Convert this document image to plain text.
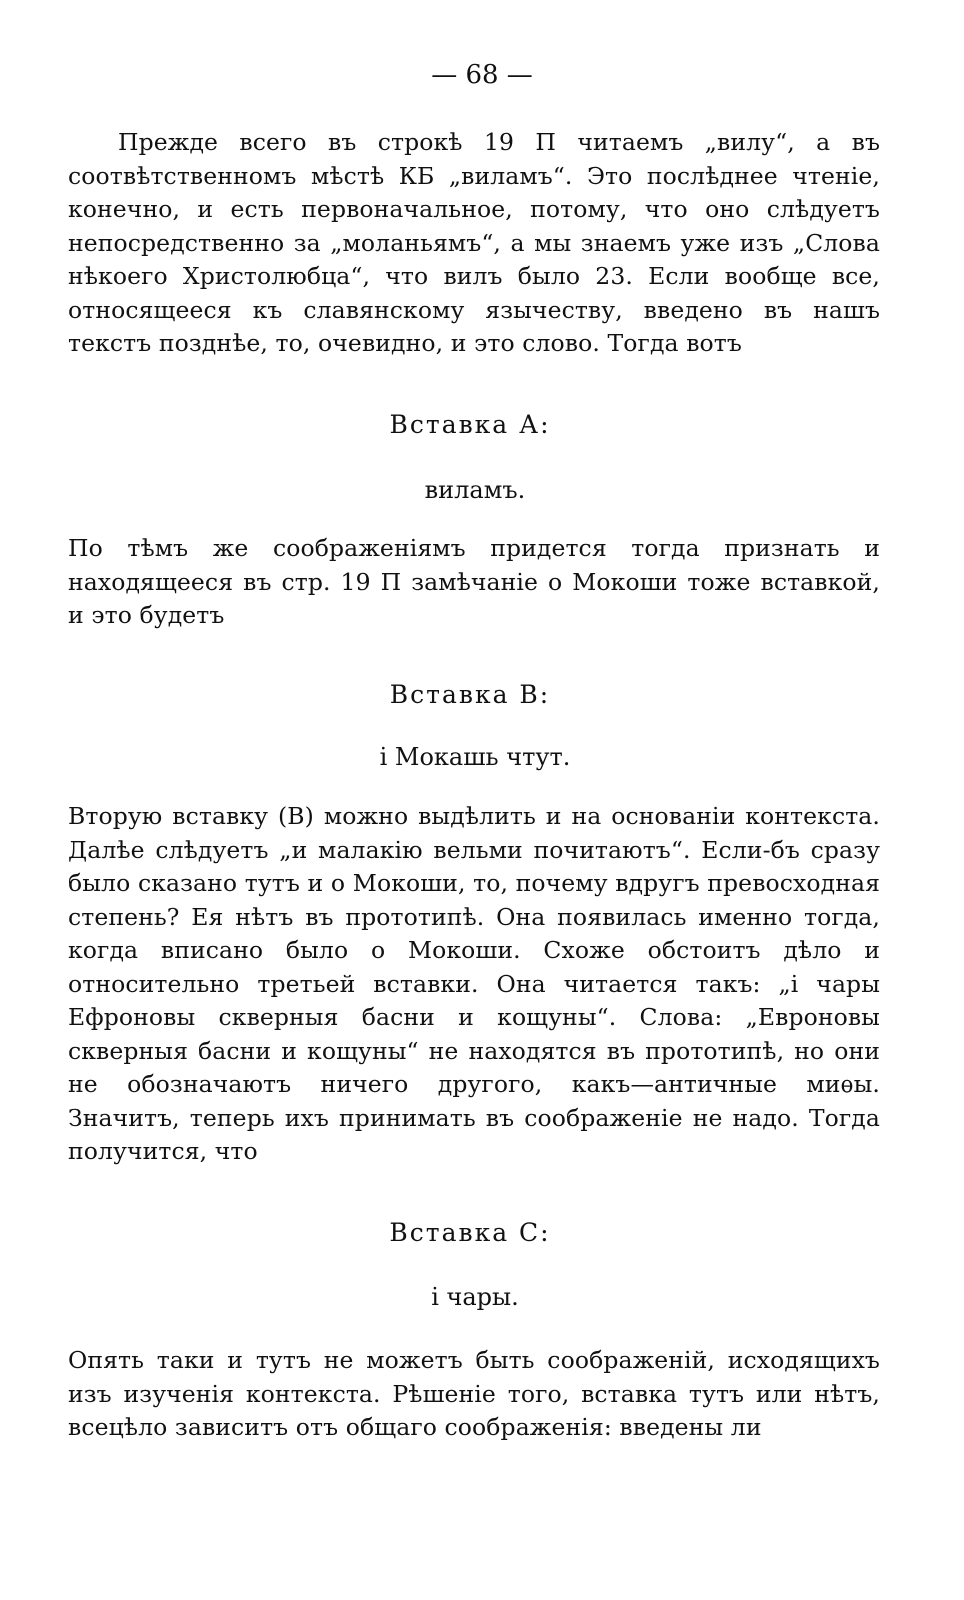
— 68 —

Прежде всего въ строкѣ 19 П читаемъ „вилу“, а въ соотвѣтственномъ мѣстѣ КБ „виламъ“. Это послѣднее чтеніе, конечно, и есть первоначальное, потому, что оно слѣдуетъ непосредственно за „моланьямъ“, а мы знаемъ уже изъ „Слова нѣкоего Христолюбца“, что вилъ было 23. Если вообще все, относящееся къ славянскому язычеству, введено въ нашъ текстъ позднѣе, то, очевидно, и это слово. Тогда вотъ

Вставка А:
виламъ.

По тѣмъ же соображеніямъ придется тогда признать и находящееся въ стр. 19 П замѣчаніе о Мокоши тоже вставкой, и это будетъ

Вставка В:
і Мокашь чтут.

Вторую вставку (В) можно выдѣлить и на основаніи контекста. Далѣе слѣдуетъ „и малакію вельми почитаютъ“. Если-бъ сразу было сказано тутъ и о Мокоши, то, почему вдругъ превосходная степень? Ея нѣтъ въ прототипѣ. Она появилась именно тогда, когда вписано было о Мокоши. Схоже обстоитъ дѣло и относительно третьей вставки. Она читается такъ: „і чары Ефроновы скверныя басни и кощуны“. Слова: „Евроновы скверныя басни и кощуны“ не находятся въ прототипѣ, но они не обозначаютъ ничего другого, какъ—античные миѳы. Значитъ, теперь ихъ принимать въ соображеніе не надо. Тогда получится, что

Вставка С:
і чары.

Опять таки и тутъ не можетъ быть соображеній, исходящихъ изъ изученія контекста. Рѣшеніе того, вставка тутъ или нѣтъ, всецѣло зависитъ отъ общаго соображенія: введены ли
